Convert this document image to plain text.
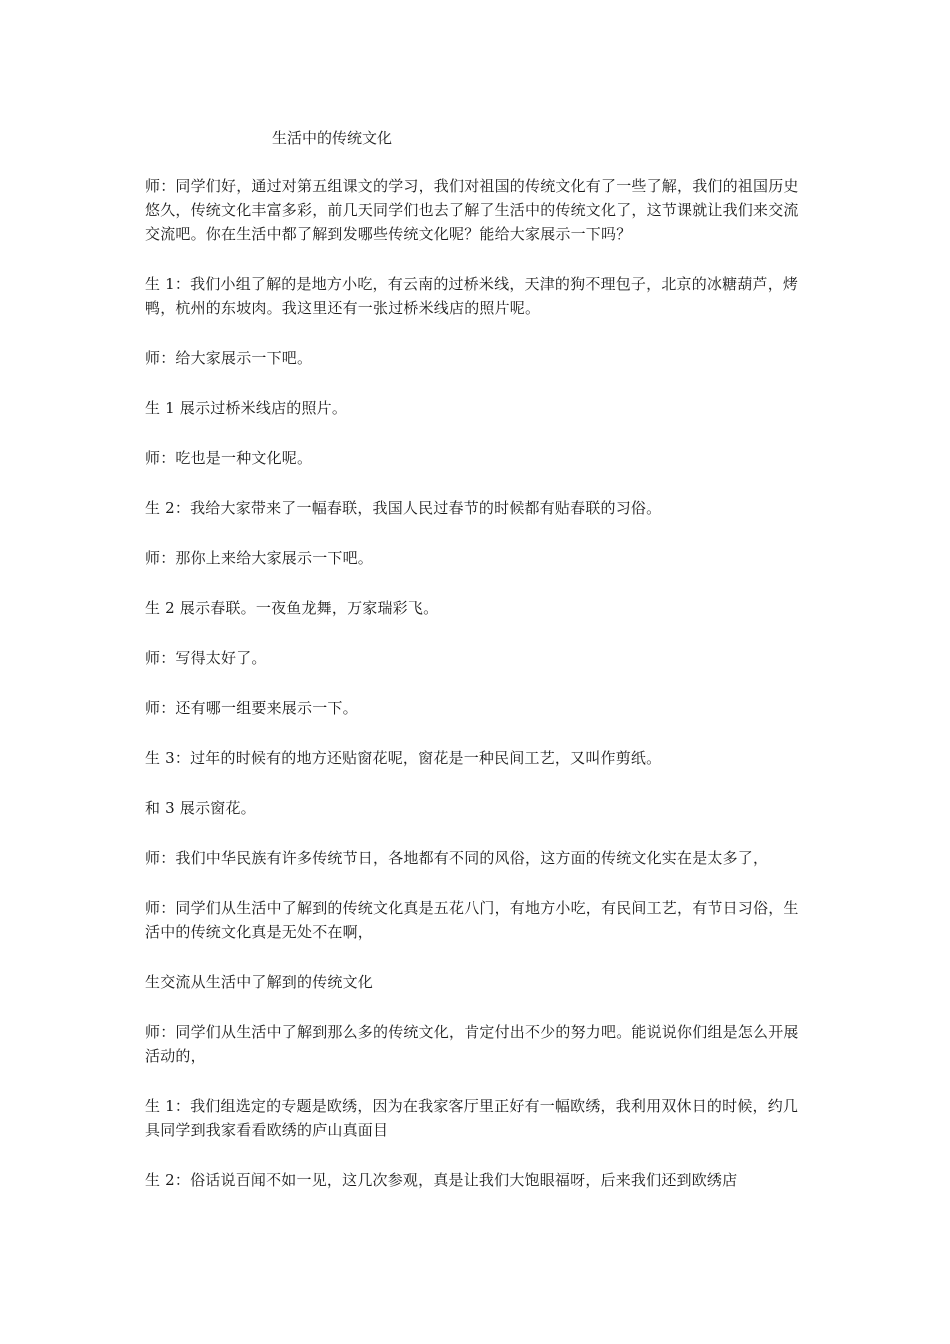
生活中的传统文化

师：同学们好，通过对第五组课文的学习，我们对祖国的传统文化有了一些了解，我们的祖国历史悠久，传统文化丰富多彩，前几天同学们也去了解了生活中的传统文化了，这节课就让我们来交流交流吧。你在生活中都了解到发哪些传统文化呢？能给大家展示一下吗？

生 1：我们小组了解的是地方小吃，有云南的过桥米线，天津的狗不理包子，北京的冰糖葫芦，烤鸭，杭州的东坡肉。我这里还有一张过桥米线店的照片呢。

师：给大家展示一下吧。

生 1 展示过桥米线店的照片。

师：吃也是一种文化呢。

生 2：我给大家带来了一幅春联，我国人民过春节的时候都有贴春联的习俗。

师：那你上来给大家展示一下吧。

生 2 展示春联。一夜鱼龙舞，万家瑞彩飞。

师：写得太好了。

师：还有哪一组要来展示一下。

生 3：过年的时候有的地方还贴窗花呢，窗花是一种民间工艺，又叫作剪纸。

和 3 展示窗花。

师：我们中华民族有许多传统节日，各地都有不同的风俗，这方面的传统文化实在是太多了，

师：同学们从生活中了解到的传统文化真是五花八门，有地方小吃，有民间工艺，有节日习俗，生活中的传统文化真是无处不在啊，

生交流从生活中了解到的传统文化

师：同学们从生活中了解到那么多的传统文化，肯定付出不少的努力吧。能说说你们组是怎么开展活动的，

生 1：我们组选定的专题是欧绣，因为在我家客厅里正好有一幅欧绣，我利用双休日的时候，约几具同学到我家看看欧绣的庐山真面目

生 2：俗话说百闻不如一见，这几次参观，真是让我们大饱眼福呀，后来我们还到欧绣店
